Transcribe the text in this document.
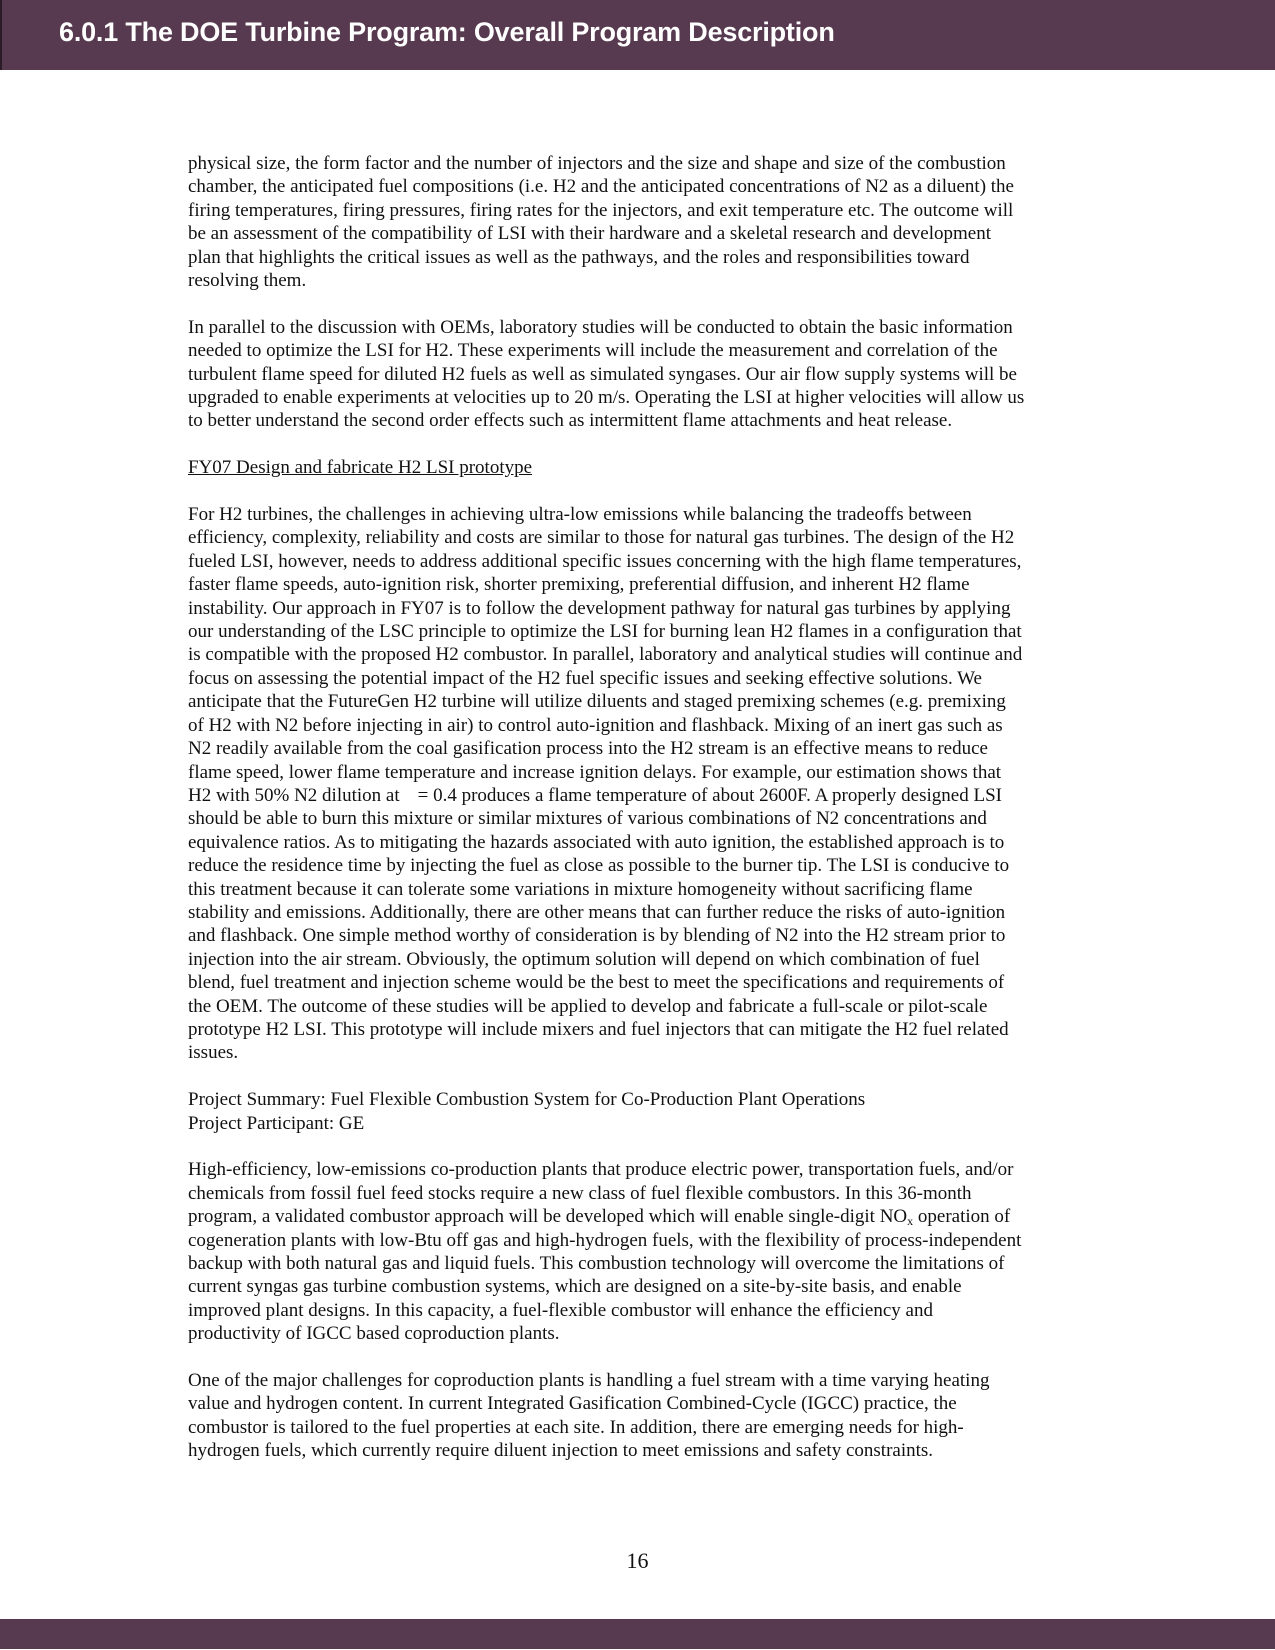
6.0.1 The DOE Turbine Program: Overall Program Description

physical size, the form factor and the number of injectors and the size and shape and size of the combustion
chamber, the anticipated fuel compositions (i.e. H2 and the anticipated concentrations of N2 as a diluent) the
firing temperatures, firing pressures, firing rates for the injectors, and exit temperature etc. The outcome will
be an assessment of the compatibility of LSI with their hardware and a skeletal research and development
plan that highlights the critical issues as well as the pathways, and the roles and responsibilities toward
resolving them.

In parallel to the discussion with OEMs, laboratory studies will be conducted to obtain the basic information
needed to optimize the LSI for H2. These experiments will include the measurement and correlation of the
turbulent flame speed for diluted H2 fuels as well as simulated syngases. Our air flow supply systems will be
upgraded to enable experiments at velocities up to 20 m/s. Operating the LSI at higher velocities will allow us
to better understand the second order effects such as intermittent flame attachments and heat release.

FY07 Design and fabricate H2 LSI prototype

For H2 turbines, the challenges in achieving ultra-low emissions while balancing the tradeoffs between
efficiency, complexity, reliability and costs are similar to those for natural gas turbines. The design of the H2
fueled LSI, however, needs to address additional specific issues concerning with the high flame temperatures,
faster flame speeds, auto-ignition risk, shorter premixing, preferential diffusion, and inherent H2 flame
instability. Our approach in FY07 is to follow the development pathway for natural gas turbines by applying
our understanding of the LSC principle to optimize the LSI for burning lean H2 flames in a configuration that
is compatible with the proposed H2 combustor. In parallel, laboratory and analytical studies will continue and
focus on assessing the potential impact of the H2 fuel specific issues and seeking effective solutions. We
anticipate that the FutureGen H2 turbine will utilize diluents and staged premixing schemes (e.g. premixing
of H2 with N2 before injecting in air) to control auto-ignition and flashback. Mixing of an inert gas such as
N2 readily available from the coal gasification process into the H2 stream is an effective means to reduce
flame speed, lower flame temperature and increase ignition delays. For example, our estimation shows that
H2 with 50% N2 dilution at = 0.4 produces a flame temperature of about 2600F. A properly designed LSI
should be able to burn this mixture or similar mixtures of various combinations of N2 concentrations and
equivalence ratios. As to mitigating the hazards associated with auto ignition, the established approach is to
reduce the residence time by injecting the fuel as close as possible to the burner tip. The LSI is conducive to
this treatment because it can tolerate some variations in mixture homogeneity without sacrificing flame
stability and emissions. Additionally, there are other means that can further reduce the risks of auto-ignition
and flashback. One simple method worthy of consideration is by blending of N2 into the H2 stream prior to
injection into the air stream. Obviously, the optimum solution will depend on which combination of fuel
blend, fuel treatment and injection scheme would be the best to meet the specifications and requirements of
the OEM. The outcome of these studies will be applied to develop and fabricate a full-scale or pilot-scale
prototype H2 LSI. This prototype will include mixers and fuel injectors that can mitigate the H2 fuel related
issues.

Project Summary: Fuel Flexible Combustion System for Co-Production Plant Operations
Project Participant: GE

High-efficiency, low-emissions co-production plants that produce electric power, transportation fuels, and/or
chemicals from fossil fuel feed stocks require a new class of fuel flexible combustors. In this 36-month
program, a validated combustor approach will be developed which will enable single-digit $NO_x$ operation of
cogeneration plants with low-Btu off gas and high-hydrogen fuels, with the flexibility of process-independent
backup with both natural gas and liquid fuels. This combustion technology will overcome the limitations of
current syngas gas turbine combustion systems, which are designed on a site-by-site basis, and enable
improved plant designs. In this capacity, a fuel-flexible combustor will enhance the efficiency and
productivity of IGCC based coproduction plants.

One of the major challenges for coproduction plants is handling a fuel stream with a time varying heating
value and hydrogen content. In current Integrated Gasification Combined-Cycle (IGCC) practice, the
combustor is tailored to the fuel properties at each site. In addition, there are emerging needs for high-
hydrogen fuels, which currently require diluent injection to meet emissions and safety constraints.

16
